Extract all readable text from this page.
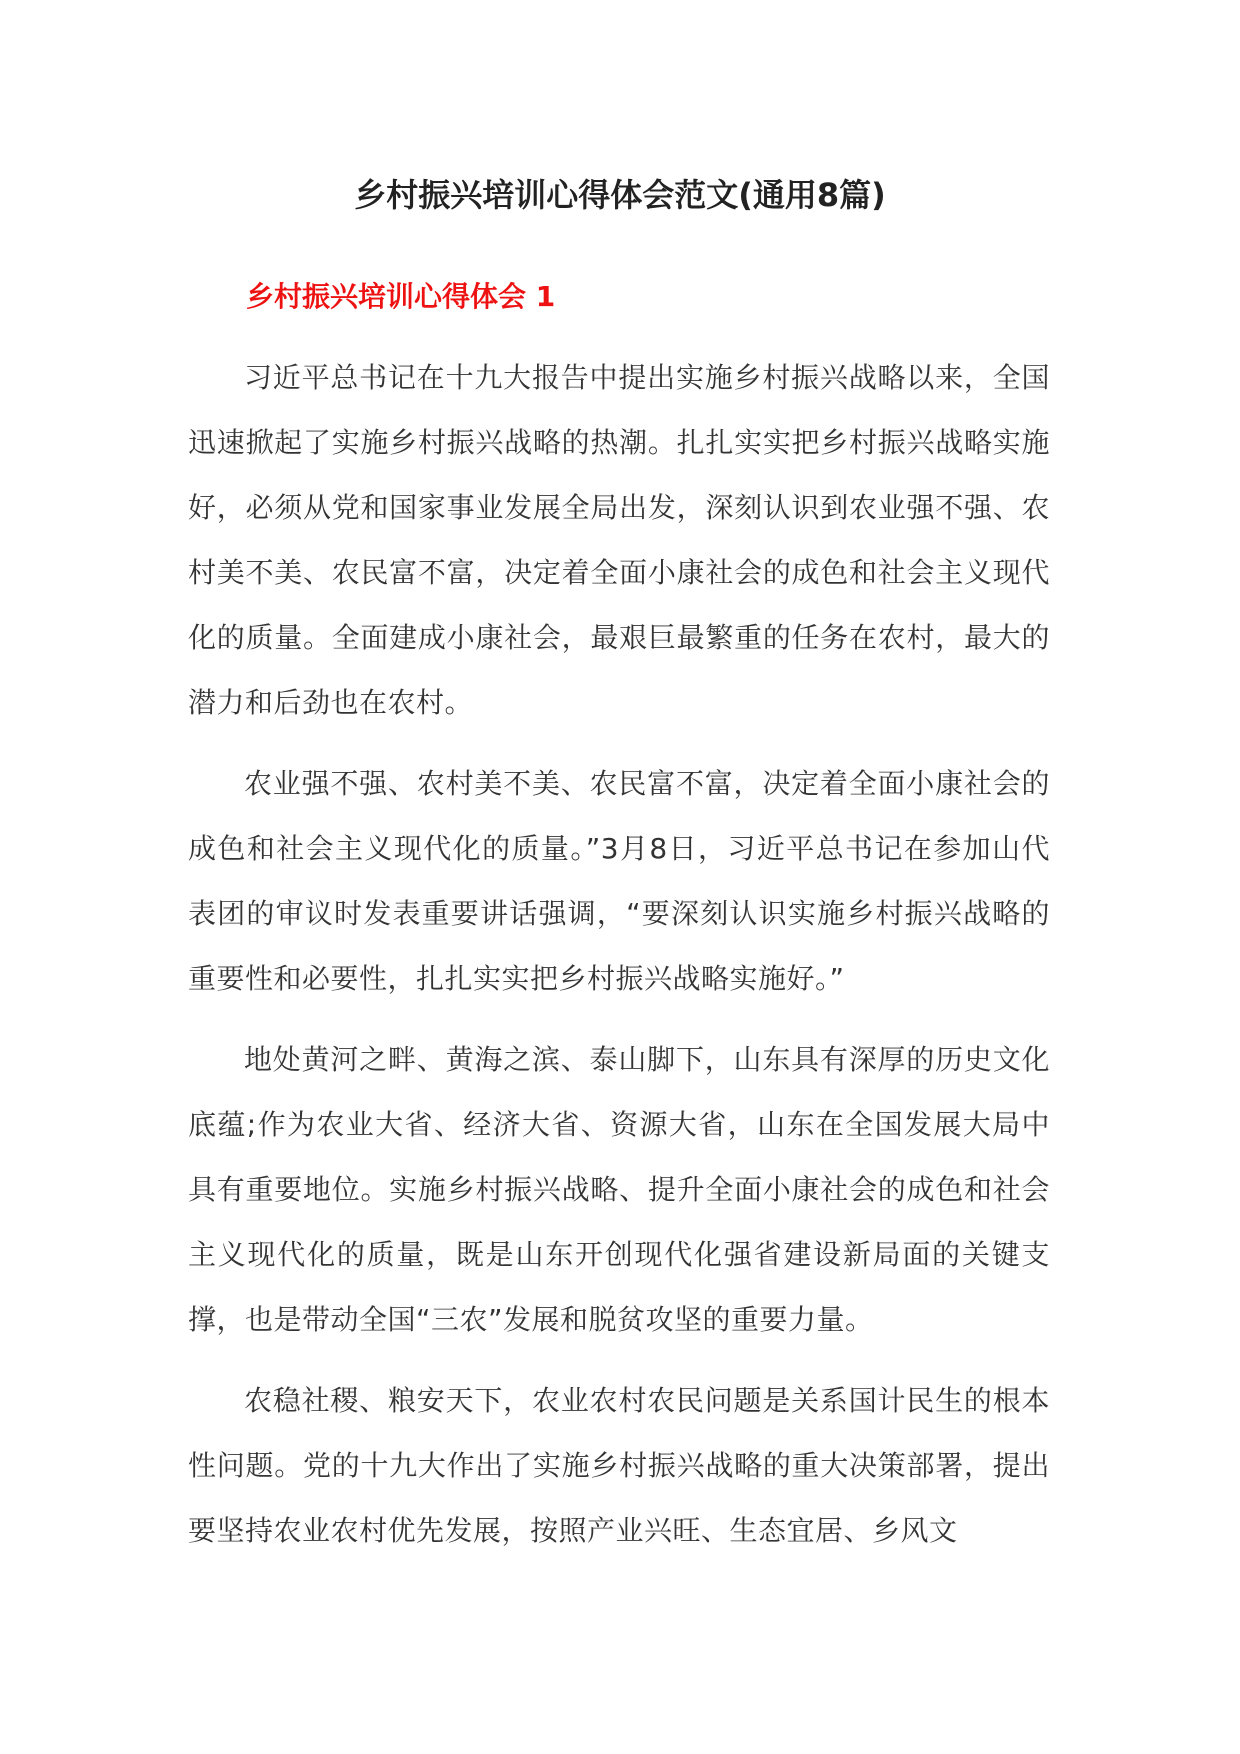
乡村振兴培训心得体会范文(通用8篇)
乡村振兴培训心得体会 1

习近平总书记在十九大报告中提出实施乡村振兴战略以来，全国迅速掀起了实施乡村振兴战略的热潮。扎扎实实把乡村振兴战略实施好，必须从党和国家事业发展全局出发，深刻认识到农业强不强、农村美不美、农民富不富，决定着全面小康社会的成色和社会主义现代化的质量。全面建成小康社会，最艰巨最繁重的任务在农村，最大的潜力和后劲也在农村。

农业强不强、农村美不美、农民富不富，决定着全面小康社会的成色和社会主义现代化的质量。”3月8日，习近平总书记在参加山代表团的审议时发表重要讲话强调，“要深刻认识实施乡村振兴战略的重要性和必要性，扎扎实实把乡村振兴战略实施好。”

地处黄河之畔、黄海之滨、泰山脚下，山东具有深厚的历史文化底蕴;作为农业大省、经济大省、资源大省，山东在全国发展大局中具有重要地位。实施乡村振兴战略、提升全面小康社会的成色和社会主义现代化的质量，既是山东开创现代化强省建设新局面的关键支撑，也是带动全国“三农”发展和脱贫攻坚的重要力量。

农稳社稷、粮安天下，农业农村农民问题是关系国计民生的根本性问题。党的十九大作出了实施乡村振兴战略的重大决策部署，提出要坚持农业农村优先发展，按照产业兴旺、生态宜居、乡风文
